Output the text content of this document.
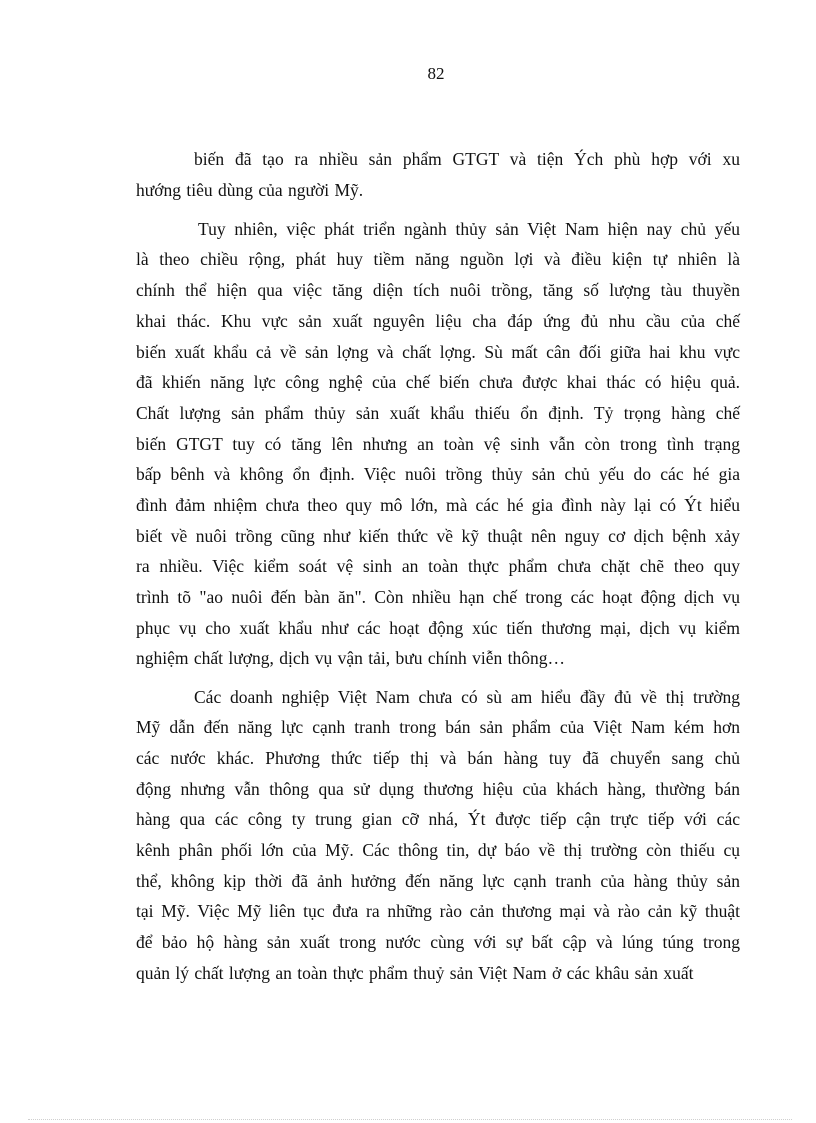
82
biến đã tạo ra nhiều sản phẩm GTGT và tiện Ých phù hợp với xu
hướng tiêu dùng của người Mỹ.
Tuy nhiên, việc phát triển ngành thủy sản Việt Nam hiện nay chủ yếu
là theo chiều rộng, phát huy tiềm năng nguồn lợi và điều kiện tự nhiên là
chính thể hiện qua việc tăng diện tích nuôi trồng, tăng số lượng tàu thuyền
khai thác. Khu vực sản xuất nguyên liệu cha đáp ứng đủ nhu cầu của chế
biến xuất khẩu cả về sản lợng và chất lợng. Sù mất cân đối giữa hai khu vực
đã khiến năng lực công nghệ của chế biến chưa được khai thác có hiệu quả.
Chất lượng sản phẩm thủy sản xuất khẩu thiếu ổn định. Tỷ trọng hàng chế
biến GTGT tuy có tăng lên nhưng an toàn vệ sinh vẫn còn trong tình trạng
bấp bênh và không ổn định. Việc nuôi trồng thủy sản chủ yếu do các hé gia
đình đảm nhiệm chưa theo quy mô lớn, mà các hé gia đình này lại có Ýt hiểu
biết về nuôi trồng cũng như kiến thức về kỹ thuật nên nguy cơ dịch bệnh xảy
ra nhiều. Việc kiểm soát vệ sinh an toàn thực phẩm chưa chặt chẽ theo quy
trình tõ "ao nuôi đến bàn ăn". Còn nhiều hạn chế trong các hoạt động dịch vụ
phục vụ cho xuất khẩu như các hoạt động xúc tiến thương mại, dịch vụ kiểm
nghiệm chất lượng, dịch vụ vận tải, bưu chính viễn thông…
Các doanh nghiệp Việt Nam chưa có sù am hiểu đầy đủ về thị trường
Mỹ dẫn đến năng lực cạnh tranh trong bán sản phẩm của Việt Nam kém hơn
các nước khác. Phương thức tiếp thị và bán hàng tuy đã chuyển sang chủ
động nhưng vẫn thông qua sử dụng thương hiệu của khách hàng, thường bán
hàng qua các công ty trung gian cỡ nhá, Ýt được tiếp cận trực tiếp với các
kênh phân phối lớn của Mỹ. Các thông tin, dự báo về thị trường còn thiếu cụ
thể, không kịp thời đã ảnh hưởng đến năng lực cạnh tranh của hàng thủy sản
tại Mỹ. Việc Mỹ liên tục đưa ra những rào cản thương mại và rào cản kỹ thuật
để bảo hộ hàng sản xuất trong nước cùng với sự bất cập và lúng túng trong
quản lý chất lượng an toàn thực phẩm thuỷ sản Việt Nam ở các khâu sản xuất
